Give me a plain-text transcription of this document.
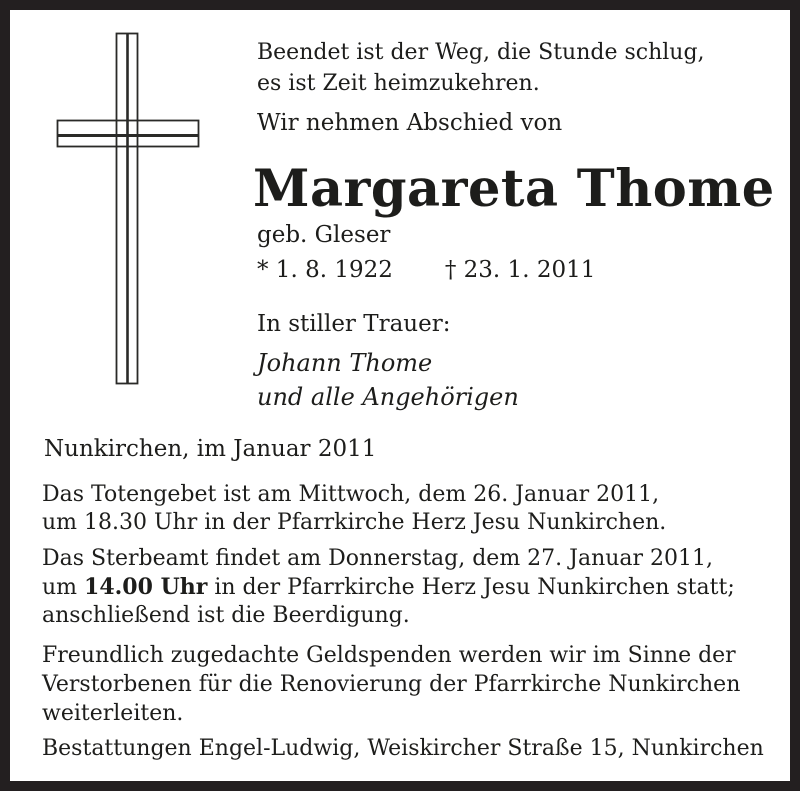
Beendet ist der Weg, die Stunde schlug,
es ist Zeit heimzukehren.
Wir nehmen Abschied von
Margareta Thome
geb. Gleser
* 1. 8. 1922 † 23. 1. 2011
In stiller Trauer:
Johann Thome
und alle Angehörigen
Nunkirchen, im Januar 2011
Das Totengebet ist am Mittwoch, dem 26. Januar 2011,
um 18.30 Uhr in der Pfarrkirche Herz Jesu Nunkirchen.
Das Sterbeamt findet am Donnerstag, dem 27. Januar 2011,
um 14.00 Uhr in der Pfarrkirche Herz Jesu Nunkirchen statt;
anschließend ist die Beerdigung.
Freundlich zugedachte Geldspenden werden wir im Sinne der
Verstorbenen für die Renovierung der Pfarrkirche Nunkirchen
weiterleiten.
Bestattungen Engel-Ludwig, Weiskircher Straße 15, Nunkirchen
